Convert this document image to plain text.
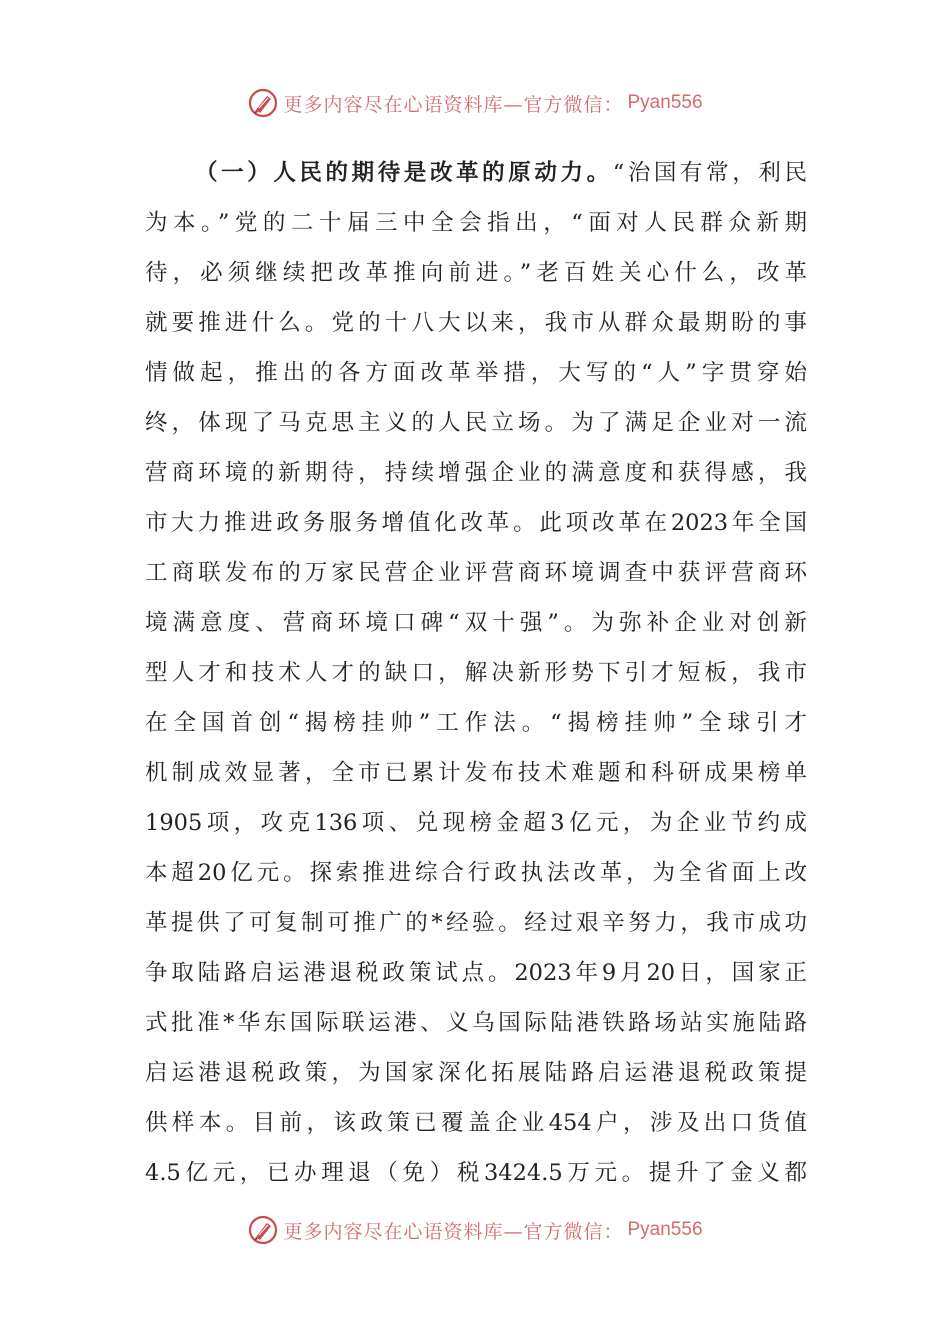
更多内容尽在心语资料库—官方微信： Pyan556
（一）人民的期待是改革的原动力。“治国有常，利民
为本。”党的二十届三中全会指出，“面对人民群众新期
待，必须继续把改革推向前进。”老百姓关心什么，改革
就要推进什么。党的十八大以来，我市从群众最期盼的事
情做起，推出的各方面改革举措，大写的“人”字贯穿始
终，体现了马克思主义的人民立场。为了满足企业对一流
营商环境的新期待，持续增强企业的满意度和获得感，我
市大力推进政务服务增值化改革。此项改革在2023年全国
工商联发布的万家民营企业评营商环境调查中获评营商环
境满意度、营商环境口碑“双十强”。为弥补企业对创新
型人才和技术人才的缺口，解决新形势下引才短板，我市
在全国首创“揭榜挂帅”工作法。“揭榜挂帅”全球引才
机制成效显著，全市已累计发布技术难题和科研成果榜单
1905项，攻克136项、兑现榜金超3亿元，为企业节约成
本超20亿元。探索推进综合行政执法改革，为全省面上改
革提供了可复制可推广的*经验。经过艰辛努力，我市成功
争取陆路启运港退税政策试点。2023年9月20日，国家正
式批准*华东国际联运港、义乌国际陆港铁路场站实施陆路
启运港退税政策，为国家深化拓展陆路启运港退税政策提
供样本。目前，该政策已覆盖企业454户，涉及出口货值
4.5亿元，已办理退（免）税3424.5万元。提升了金义都
更多内容尽在心语资料库—官方微信： Pyan556
